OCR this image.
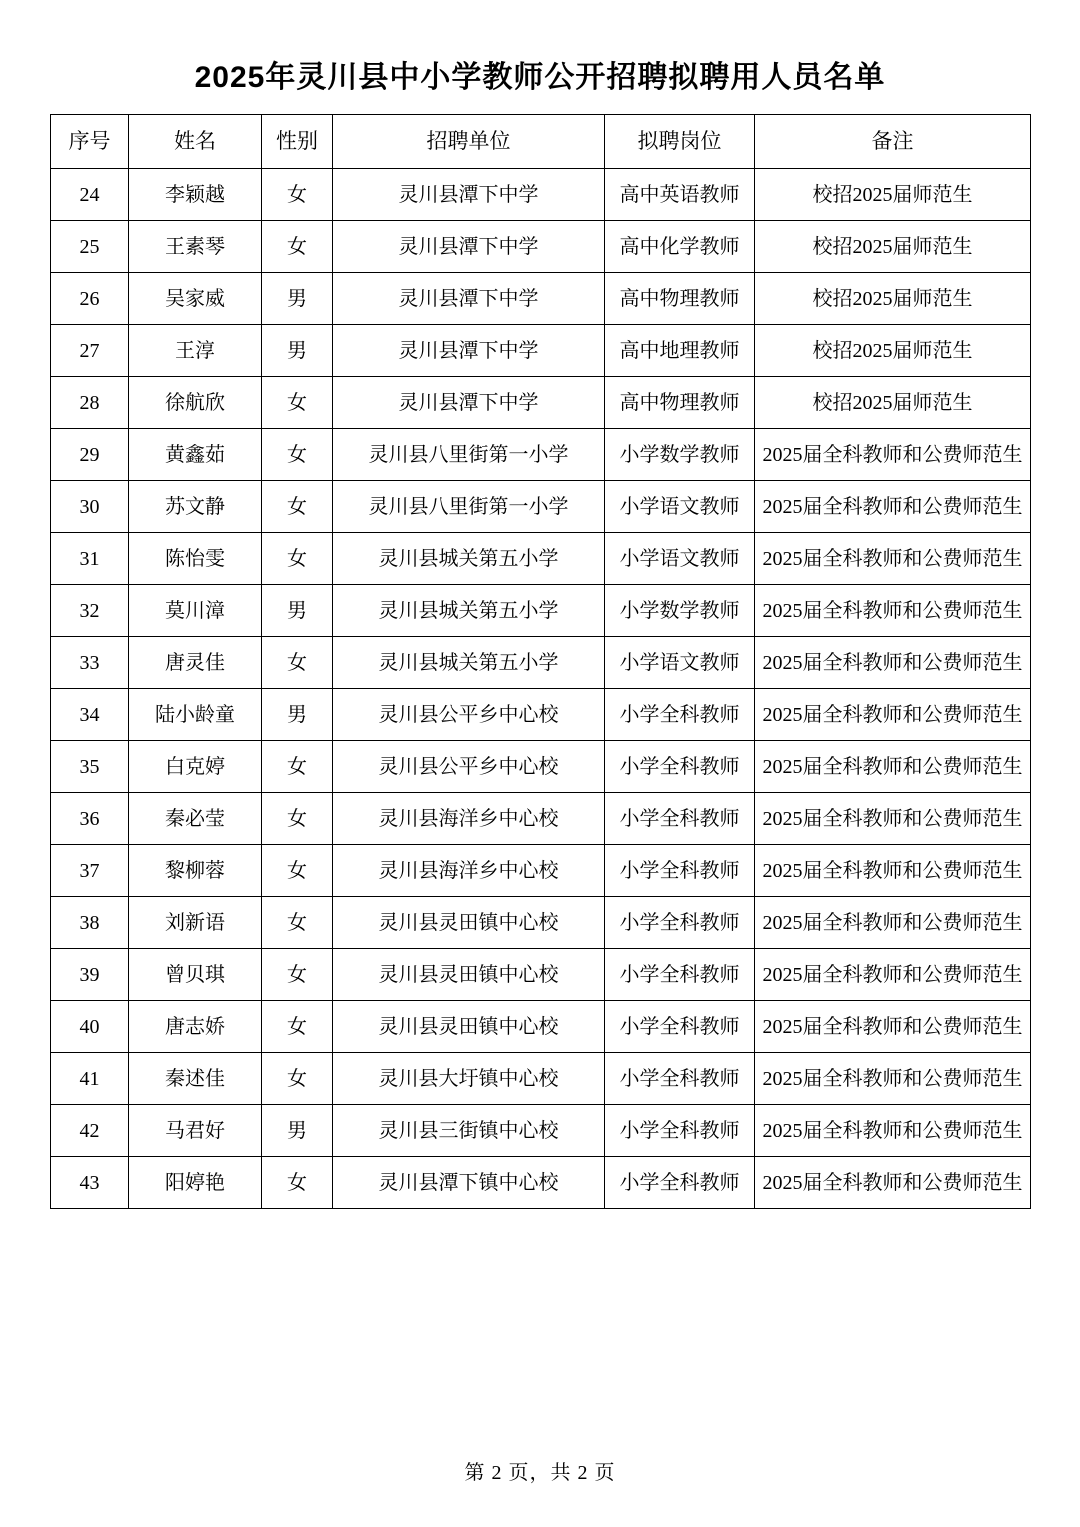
2025年灵川县中小学教师公开招聘拟聘用人员名单
序号	姓名	性别	招聘单位	拟聘岗位	备注
24	李颖越	女	灵川县潭下中学	高中英语教师	校招2025届师范生
25	王素琴	女	灵川县潭下中学	高中化学教师	校招2025届师范生
26	吴家威	男	灵川县潭下中学	高中物理教师	校招2025届师范生
27	王淳	男	灵川县潭下中学	高中地理教师	校招2025届师范生
28	徐航欣	女	灵川县潭下中学	高中物理教师	校招2025届师范生
29	黄鑫茹	女	灵川县八里街第一小学	小学数学教师	2025届全科教师和公费师范生
30	苏文静	女	灵川县八里街第一小学	小学语文教师	2025届全科教师和公费师范生
31	陈怡雯	女	灵川县城关第五小学	小学语文教师	2025届全科教师和公费师范生
32	莫川漳	男	灵川县城关第五小学	小学数学教师	2025届全科教师和公费师范生
33	唐灵佳	女	灵川县城关第五小学	小学语文教师	2025届全科教师和公费师范生
34	陆小龄童	男	灵川县公平乡中心校	小学全科教师	2025届全科教师和公费师范生
35	白克婷	女	灵川县公平乡中心校	小学全科教师	2025届全科教师和公费师范生
36	秦必莹	女	灵川县海洋乡中心校	小学全科教师	2025届全科教师和公费师范生
37	黎柳蓉	女	灵川县海洋乡中心校	小学全科教师	2025届全科教师和公费师范生
38	刘新语	女	灵川县灵田镇中心校	小学全科教师	2025届全科教师和公费师范生
39	曾贝琪	女	灵川县灵田镇中心校	小学全科教师	2025届全科教师和公费师范生
40	唐志娇	女	灵川县灵田镇中心校	小学全科教师	2025届全科教师和公费师范生
41	秦述佳	女	灵川县大圩镇中心校	小学全科教师	2025届全科教师和公费师范生
42	马君好	男	灵川县三街镇中心校	小学全科教师	2025届全科教师和公费师范生
43	阳婷艳	女	灵川县潭下镇中心校	小学全科教师	2025届全科教师和公费师范生
第 2 页，共 2 页
